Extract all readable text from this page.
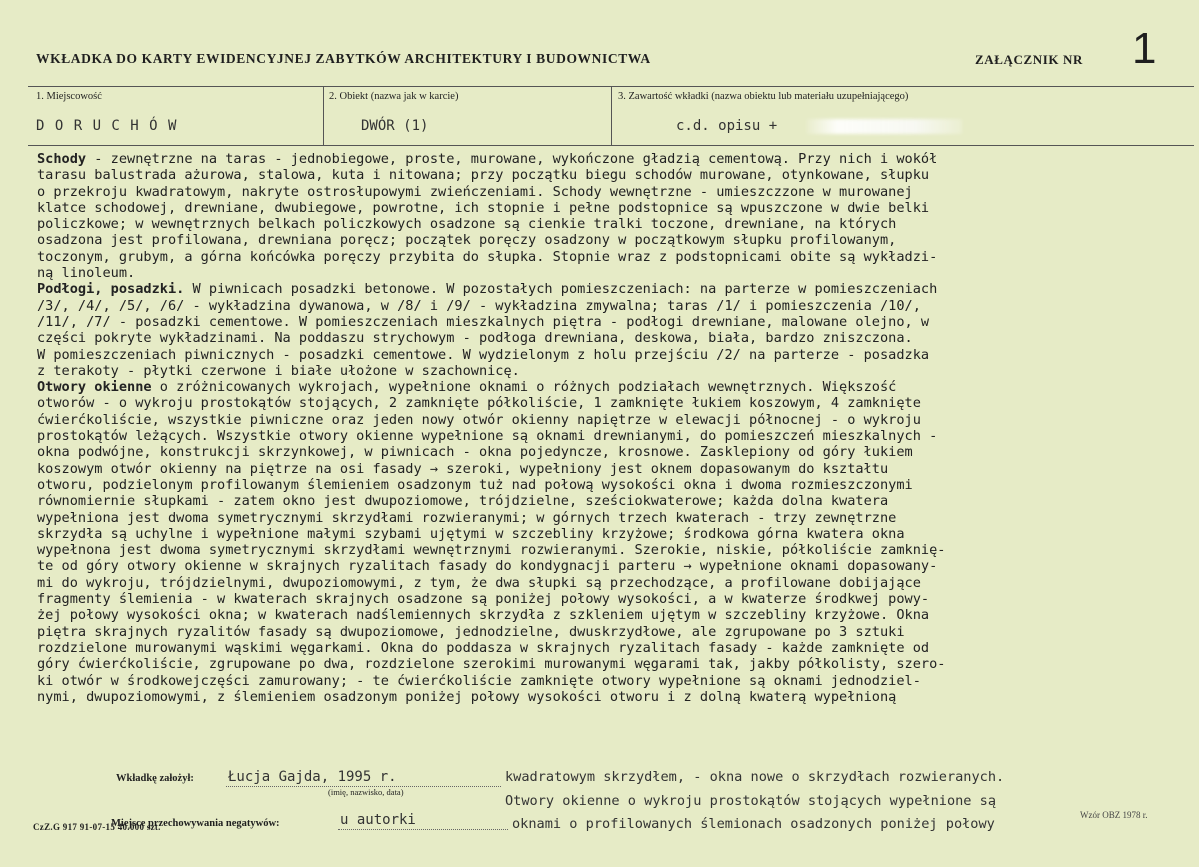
WKŁADKA DO KARTY EWIDENCYJNEJ ZABYTKÓW ARCHITEKTURY I BUDOWNICTWA	ZAŁĄCZNIK NR 1
1. Miejscowość
D O R U C H Ó W
2. Obiekt (nazwa jak w karcie)
DWÓR (1)
3. Zawartość wkładki (nazwa obiektu lub materiału uzupełniającego)
c.d. opisu +
Schody - zewnętrzne na taras - jednobiegowe, proste, murowane, wykończone gładzią cementową. Przy nich i wokół
tarasu balustrada ażurowa, stalowa, kuta i nitowana; przy początku biegu schodów murowane, otynkowane, słupku
o przekroju kwadratowym, nakryte ostrosłupowymi zwieńczeniami. Schody wewnętrzne - umieszczzone w murowanej
klatce schodowej, drewniane, dwubiegowe, powrotne, ich stopnie i pełne podstopnice są wpuszczone w dwie belki
policzkowe; w wewnętrznych belkach policzkowych osadzone są cienkie tralki toczone, drewniane, na których
osadzona jest profilowana, drewniana poręcz; początek poręczy osadzony w początkowym słupku profilowanym,
toczonym, grubym, a górna końcówka poręczy przybita do słupka. Stopnie wraz z podstopnicami obite są wykładzi-
ną linoleum.
Podłogi, posadzki. W piwnicach posadzki betonowe. W pozostałych pomieszczeniach: na parterze w pomieszczeniach
/3/, /4/, /5/, /6/ - wykładzina dywanowa, w /8/ i /9/ - wykładzina zmywalna; taras /1/ i pomieszczenia /10/,
/11/, /7/ - posadzki cementowe. W pomieszczeniach mieszkalnych piętra - podłogi drewniane, malowane olejno, w
części pokryte wykładzinami. Na poddaszu strychowym - podłoga drewniana, deskowa, biała, bardzo zniszczona.
W pomieszczeniach piwnicznych - posadzki cementowe. W wydzielonym z holu przejściu /2/ na parterze - posadzka
z terakoty - płytki czerwone i białe ułożone w szachownicę.
Otwory okienne o zróżnicowanych wykrojach, wypełnione oknami o różnych podziałach wewnętrznych. Większość
otworów - o wykroju prostokątów stojących, 2 zamknięte półkoliście, 1 zamknięte łukiem koszowym, 4 zamknięte
ćwierćkoliście, wszystkie piwniczne oraz jeden nowy otwór okienny napiętrze w elewacji północnej - o wykroju
prostokątów leżących. Wszystkie otwory okienne wypełnione są oknami drewnianymi, do pomieszczeń mieszkalnych -
okna podwójne, konstrukcji skrzynkowej, w piwnicach - okna pojedyncze, krosnowe. Zasklepiony od góry łukiem
koszowym otwór okienny na piętrze na osi fasady → szeroki, wypełniony jest oknem dopasowanym do kształtu
otworu, podzielonym profilowanym ślemieniem osadzonym tuż nad połową wysokości okna i dwoma rozmieszczonymi
równomiernie słupkami - zatem okno jest dwupoziomowe, trójdzielne, sześciokwaterowe; każda dolna kwatera
wypełniona jest dwoma symetrycznymi skrzydłami rozwieranymi; w górnych trzech kwaterach - trzy zewnętrzne
skrzydła są uchylne i wypełnione małymi szybami ujętymi w szczebliny krzyżowe; środkowa górna kwatera okna
wypełnona jest dwoma symetrycznymi skrzydłami wewnętrznymi rozwieranymi. Szerokie, niskie, półkoliście zamknię-
te od góry otwory okienne w skrajnych ryzalitach fasady do kondygnacji parteru → wypełnione oknami dopasowany-
mi do wykroju, trójdzielnymi, dwupoziomowymi, z tym, że dwa słupki są przechodzące, a profilowane dobijające
fragmenty ślemienia - w kwaterach skrajnych osadzone są poniżej połowy wysokości, a w kwaterze środkwej powy-
żej połowy wysokości okna; w kwaterach nadślemiennych skrzydła z szkleniem ujętym w szczebliny krzyżowe. Okna
piętra skrajnych ryzalitów fasady są dwupoziomowe, jednodzielne, dwuskrzydłowe, ale zgrupowane po 3 sztuki
rozdzielone murowanymi wąskimi węgarkami. Okna do poddasza w skrajnych ryzalitach fasady - każde zamknięte od
góry ćwierćkoliście, zgrupowane po dwa, rozdzielone szerokimi murowanymi węgarami tak, jakby półkolisty, szero-
ki otwór w środkowejczęści zamurowany; - te ćwierćkoliście zamknięte otwory wypełnione są oknami jednodziel-
nymi, dwupoziomowymi, z ślemieniem osadzonym poniżej połowy wysokości otworu i z dolną kwaterą wypełnioną
Wkładkę założył: Łucja Gajda, 1995 r.
(imię, nazwisko, data)
kwadratowym skrzydłem, - okna nowe o skrzydłach rozwieranych.
Otwory okienne o wykroju prostokątów stojących wypełnione są
Miejsce przechowywania negatywów:	u autorki	oknami o profilowanych ślemionach osadzonych poniżej połowy
Wzór OBZ 1978 r.
CzZ.G 917 91-07-15 40.000 szt.
